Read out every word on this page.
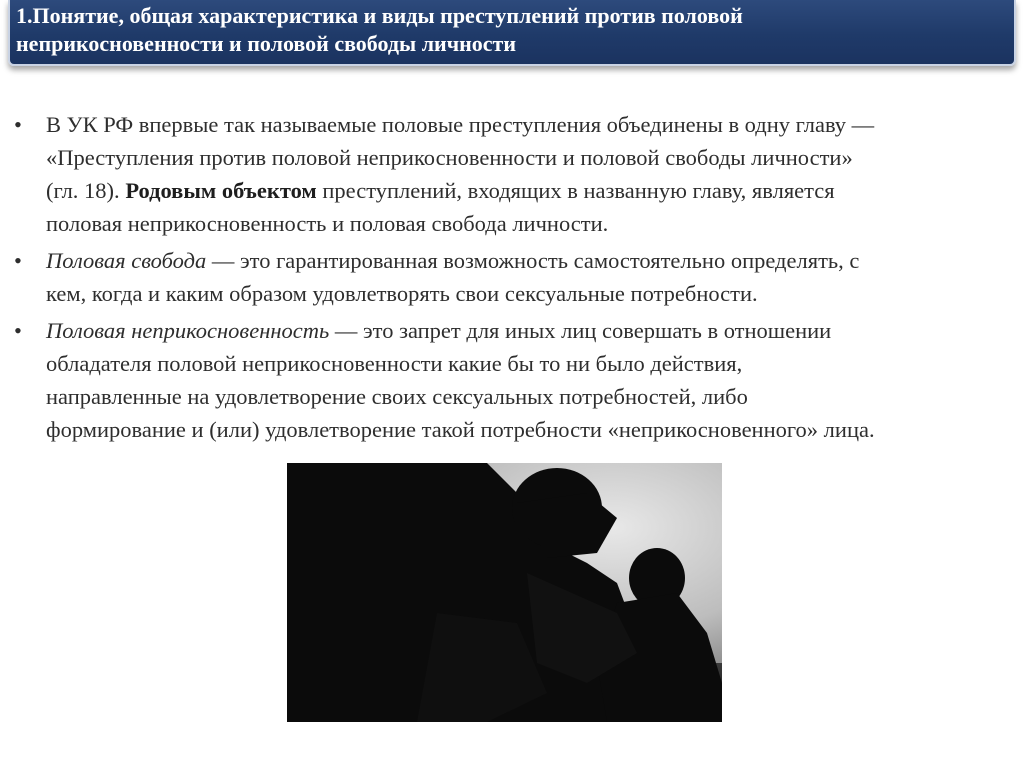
1.Понятие, общая характеристика и виды преступлений против половой
неприкосновенности и половой свободы личности
• В УК РФ впервые так называемые половые преступления объединены в одну главу —
«Преступления против половой неприкосновенности и половой свободы личности»
(гл. 18). Родовым объектом преступлений, входящих в названную главу, является
половая неприкосновенность и половая свобода личности.
• Половая свобода — это гарантированная возможность самостоятельно определять, с
кем, когда и каким образом удовлетворять свои сексуальные потребности.
• Половая неприкосновенность — это запрет для иных лиц совершать в отношении
обладателя половой неприкосновенности какие бы то ни было действия,
направленные на удовлетворение своих сексуальных потребностей, либо
формирование и (или) удовлетворение такой потребности «неприкосновенного» лица.
